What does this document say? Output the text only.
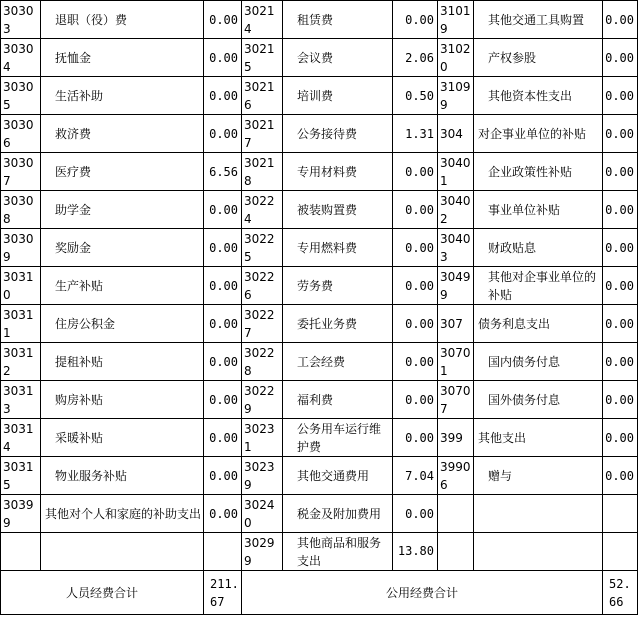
30303	退职（役）费	0.00	30214	租赁费	0.00	31019	其他交通工具购置	0.00
30304	抚恤金	0.00	30215	会议费	2.06	31020	产权参股	0.00
30305	生活补助	0.00	30216	培训费	0.50	31099	其他资本性支出	0.00
30306	救济费	0.00	30217	公务接待费	1.31	304	对企事业单位的补贴	0.00
30307	医疗费	6.56	30218	专用材料费	0.00	30401	企业政策性补贴	0.00
30308	助学金	0.00	30224	被装购置费	0.00	30402	事业单位补贴	0.00
30309	奖励金	0.00	30225	专用燃料费	0.00	30403	财政贴息	0.00
30310	生产补贴	0.00	30226	劳务费	0.00	30499	其他对企事业单位的补贴	0.00
30311	住房公积金	0.00	30227	委托业务费	0.00	307	债务利息支出	0.00
30312	提租补贴	0.00	30228	工会经费	0.00	30701	国内债务付息	0.00
30313	购房补贴	0.00	30229	福利费	0.00	30707	国外债务付息	0.00
30314	采暖补贴	0.00	30231	公务用车运行维护费	0.00	399	其他支出	0.00
30315	物业服务补贴	0.00	30239	其他交通费用	7.04	39906	赠与	0.00
30399	其他对个人和家庭的补助支出	0.00	30240	税金及附加费用	0.00			
			30299	其他商品和服务支出	13.80			
人员经费合计		211.67	公用经费合计					52.66
